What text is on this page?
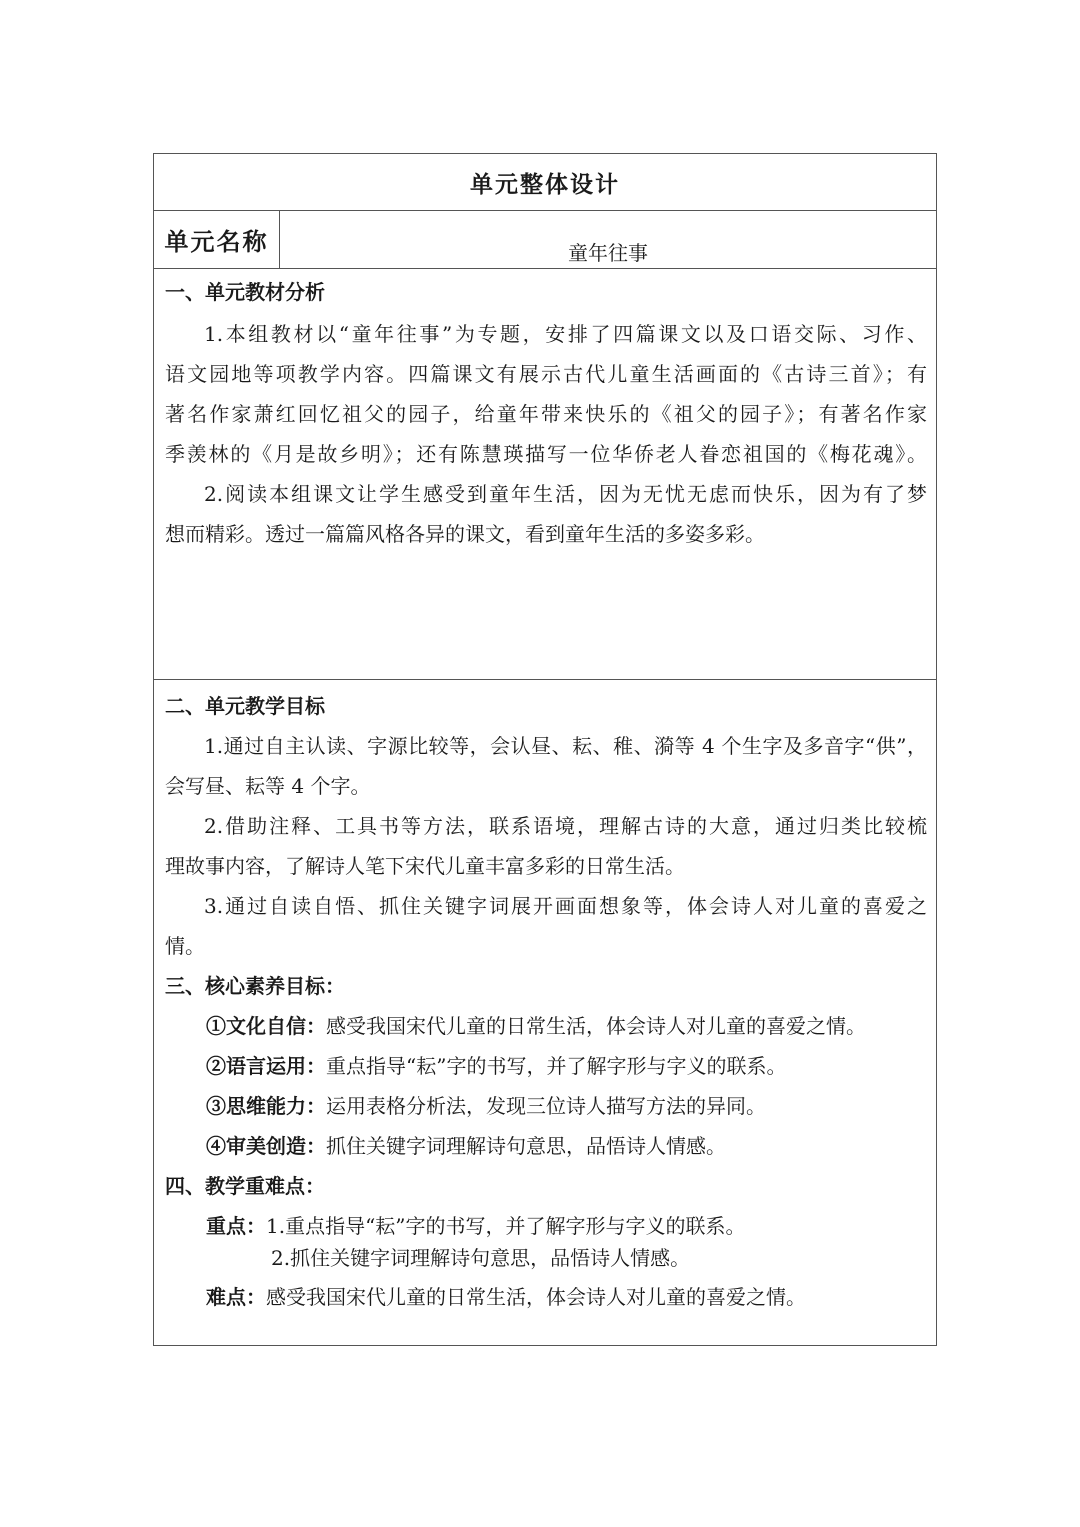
单元整体设计
单元名称	童年往事
一、单元教材分析
1.本组教材以“童年往事”为专题，安排了四篇课文以及口语交际、习作、
语文园地等项教学内容。四篇课文有展示古代儿童生活画面的《古诗三首》；有
著名作家萧红回忆祖父的园子，给童年带来快乐的《祖父的园子》；有著名作家
季羡林的《月是故乡明》；还有陈慧瑛描写一位华侨老人眷恋祖国的《梅花魂》。
2.阅读本组课文让学生感受到童年生活，因为无忧无虑而快乐，因为有了梦
想而精彩。透过一篇篇风格各异的课文，看到童年生活的多姿多彩。
二、单元教学目标
1.通过自主认读、字源比较等，会认昼、耘、稚、漪等 4 个生字及多音字“供”，
会写昼、耘等 4 个字。
2.借助注释、工具书等方法，联系语境，理解古诗的大意，通过归类比较梳
理故事内容，了解诗人笔下宋代儿童丰富多彩的日常生活。
3.通过自读自悟、抓住关键字词展开画面想象等，体会诗人对儿童的喜爱之
情。
三、核心素养目标：
①文化自信：感受我国宋代儿童的日常生活，体会诗人对儿童的喜爱之情。
②语言运用：重点指导“耘”字的书写，并了解字形与字义的联系。
③思维能力：运用表格分析法，发现三位诗人描写方法的异同。
④审美创造：抓住关键字词理解诗句意思，品悟诗人情感。
四、教学重难点：
重点：1.重点指导“耘”字的书写，并了解字形与字义的联系。
2.抓住关键字词理解诗句意思，品悟诗人情感。
难点：感受我国宋代儿童的日常生活，体会诗人对儿童的喜爱之情。
